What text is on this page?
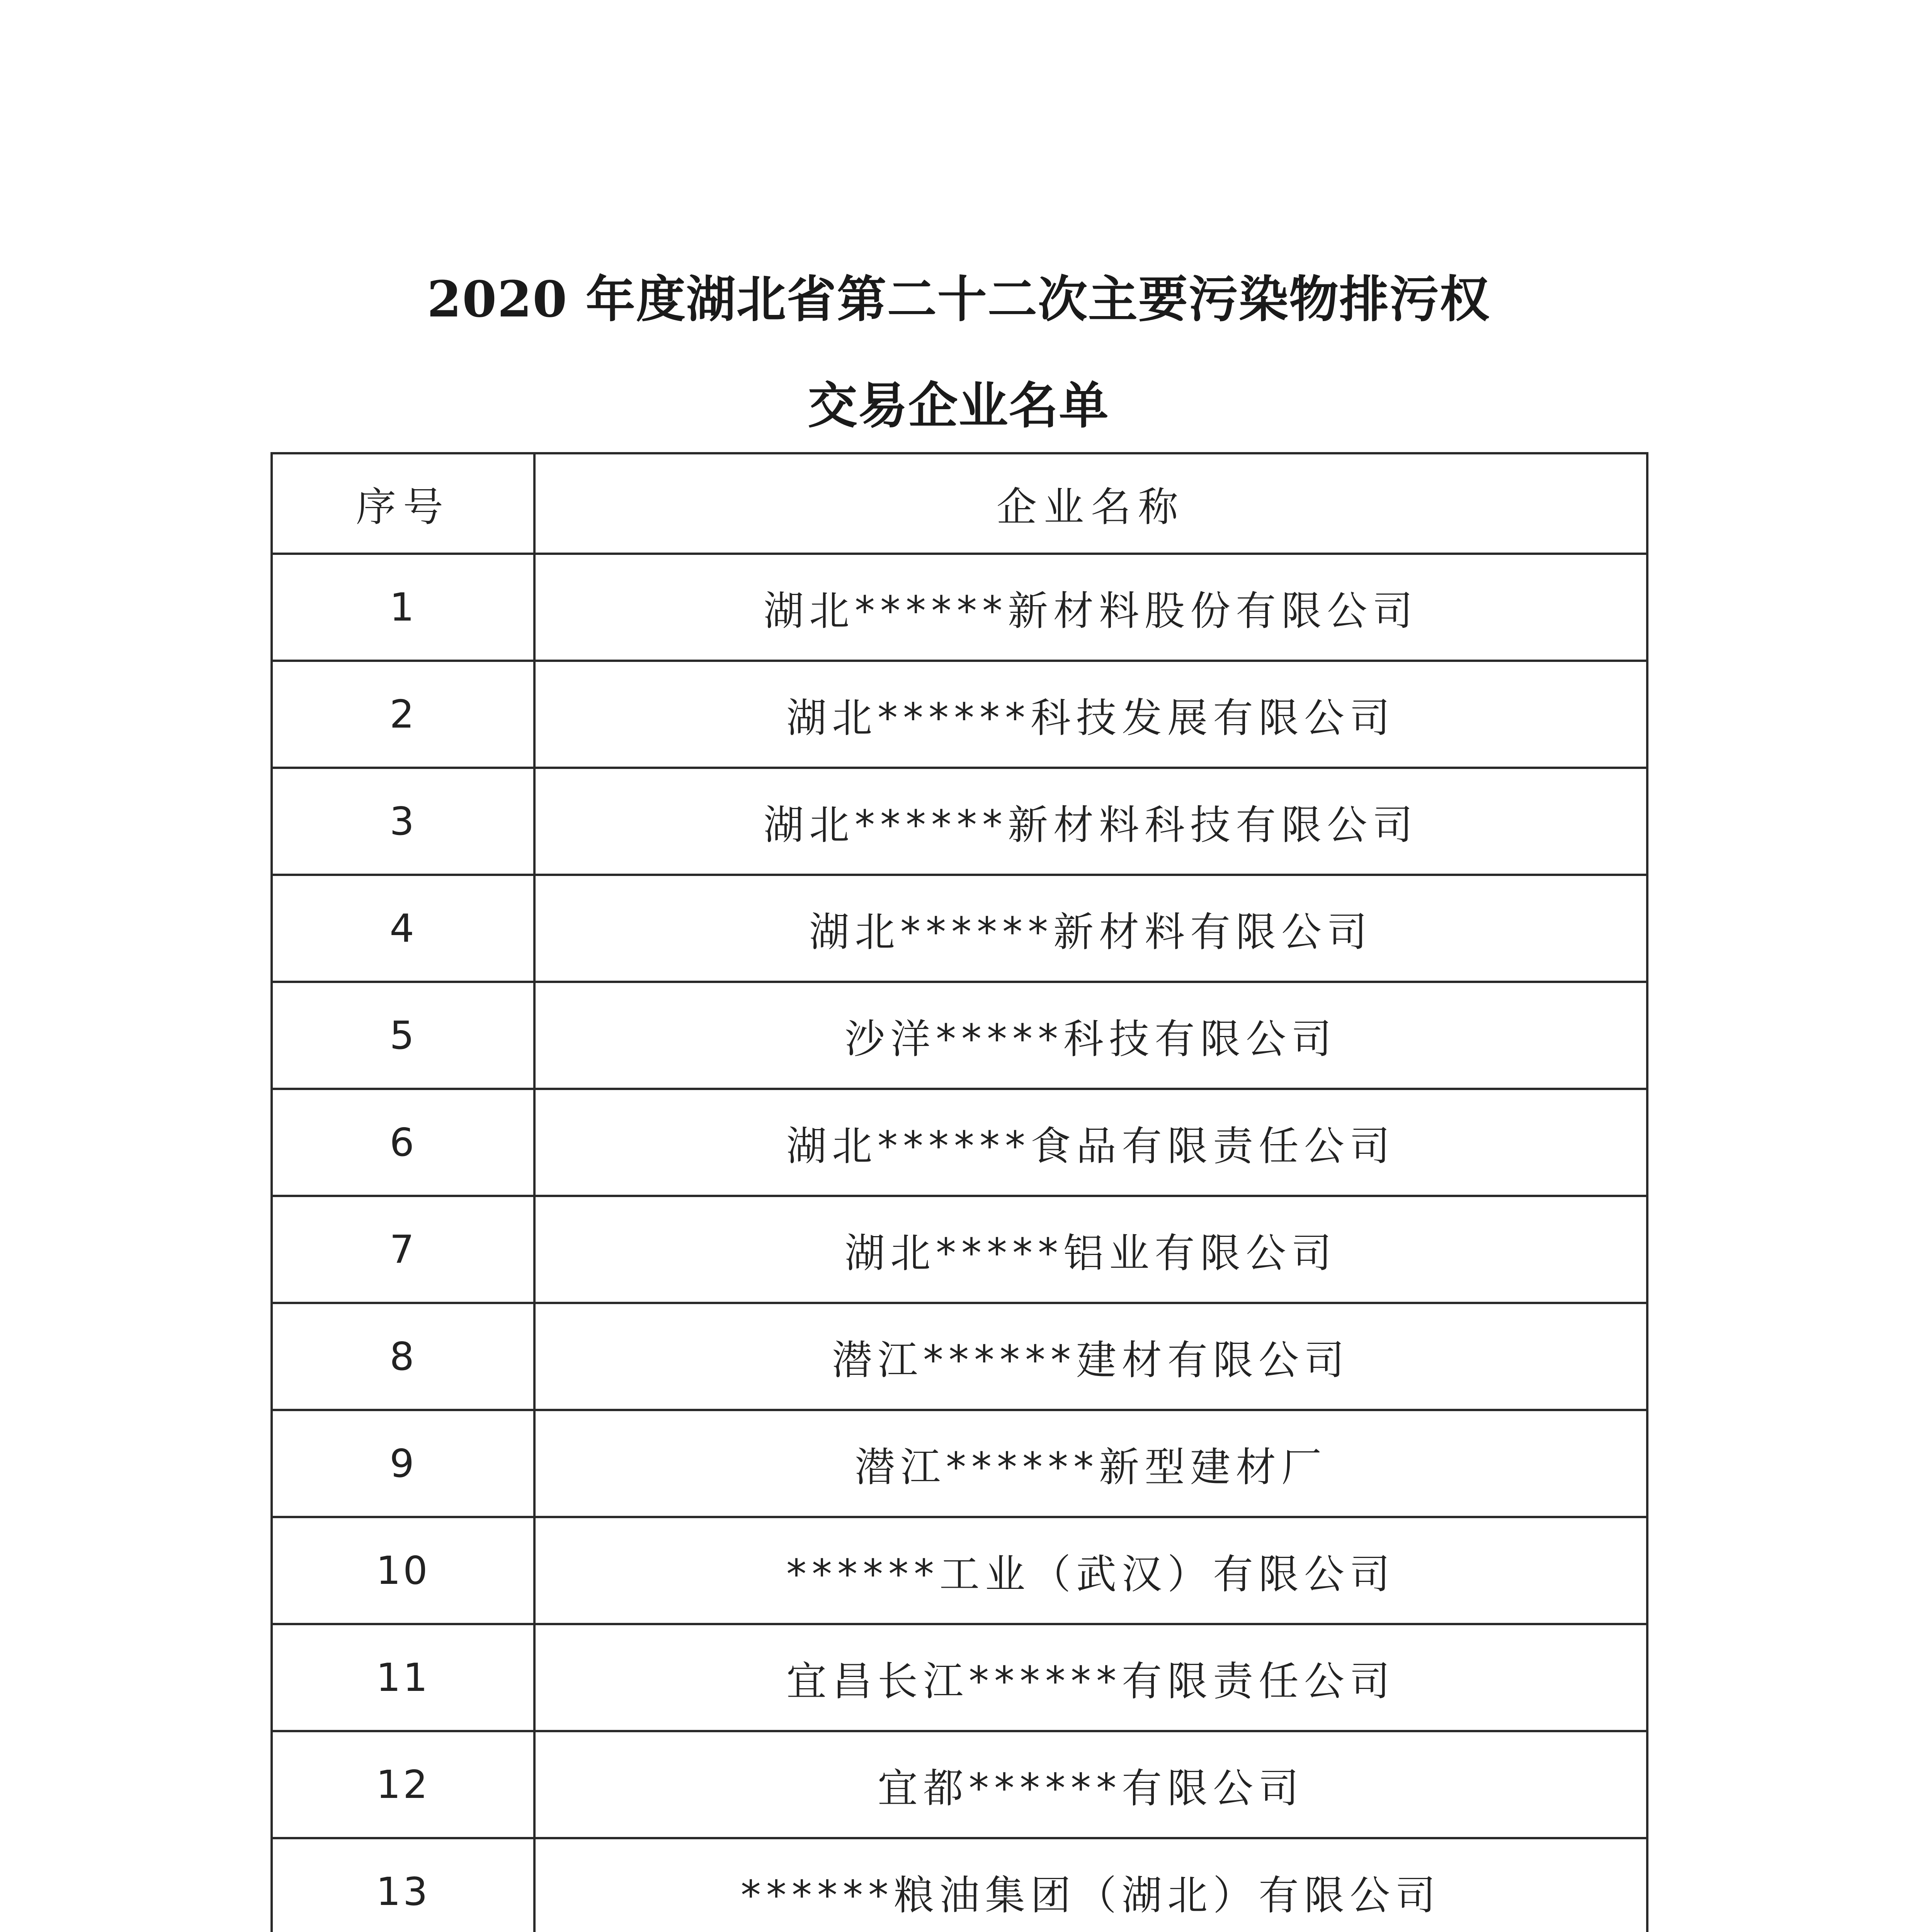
2020 年度湖北省第二十二次主要污染物排污权
交易企业名单
序号	企业名称
1	湖北******新材料股份有限公司
2	湖北******科技发展有限公司
3	湖北******新材料科技有限公司
4	湖北******新材料有限公司
5	沙洋*****科技有限公司
6	湖北******食品有限责任公司
7	湖北*****铝业有限公司
8	潜江******建材有限公司
9	潜江******新型建材厂
10	******工业（武汉）有限公司
11	宜昌长江******有限责任公司
12	宜都******有限公司
13	******粮油集团（湖北）有限公司
